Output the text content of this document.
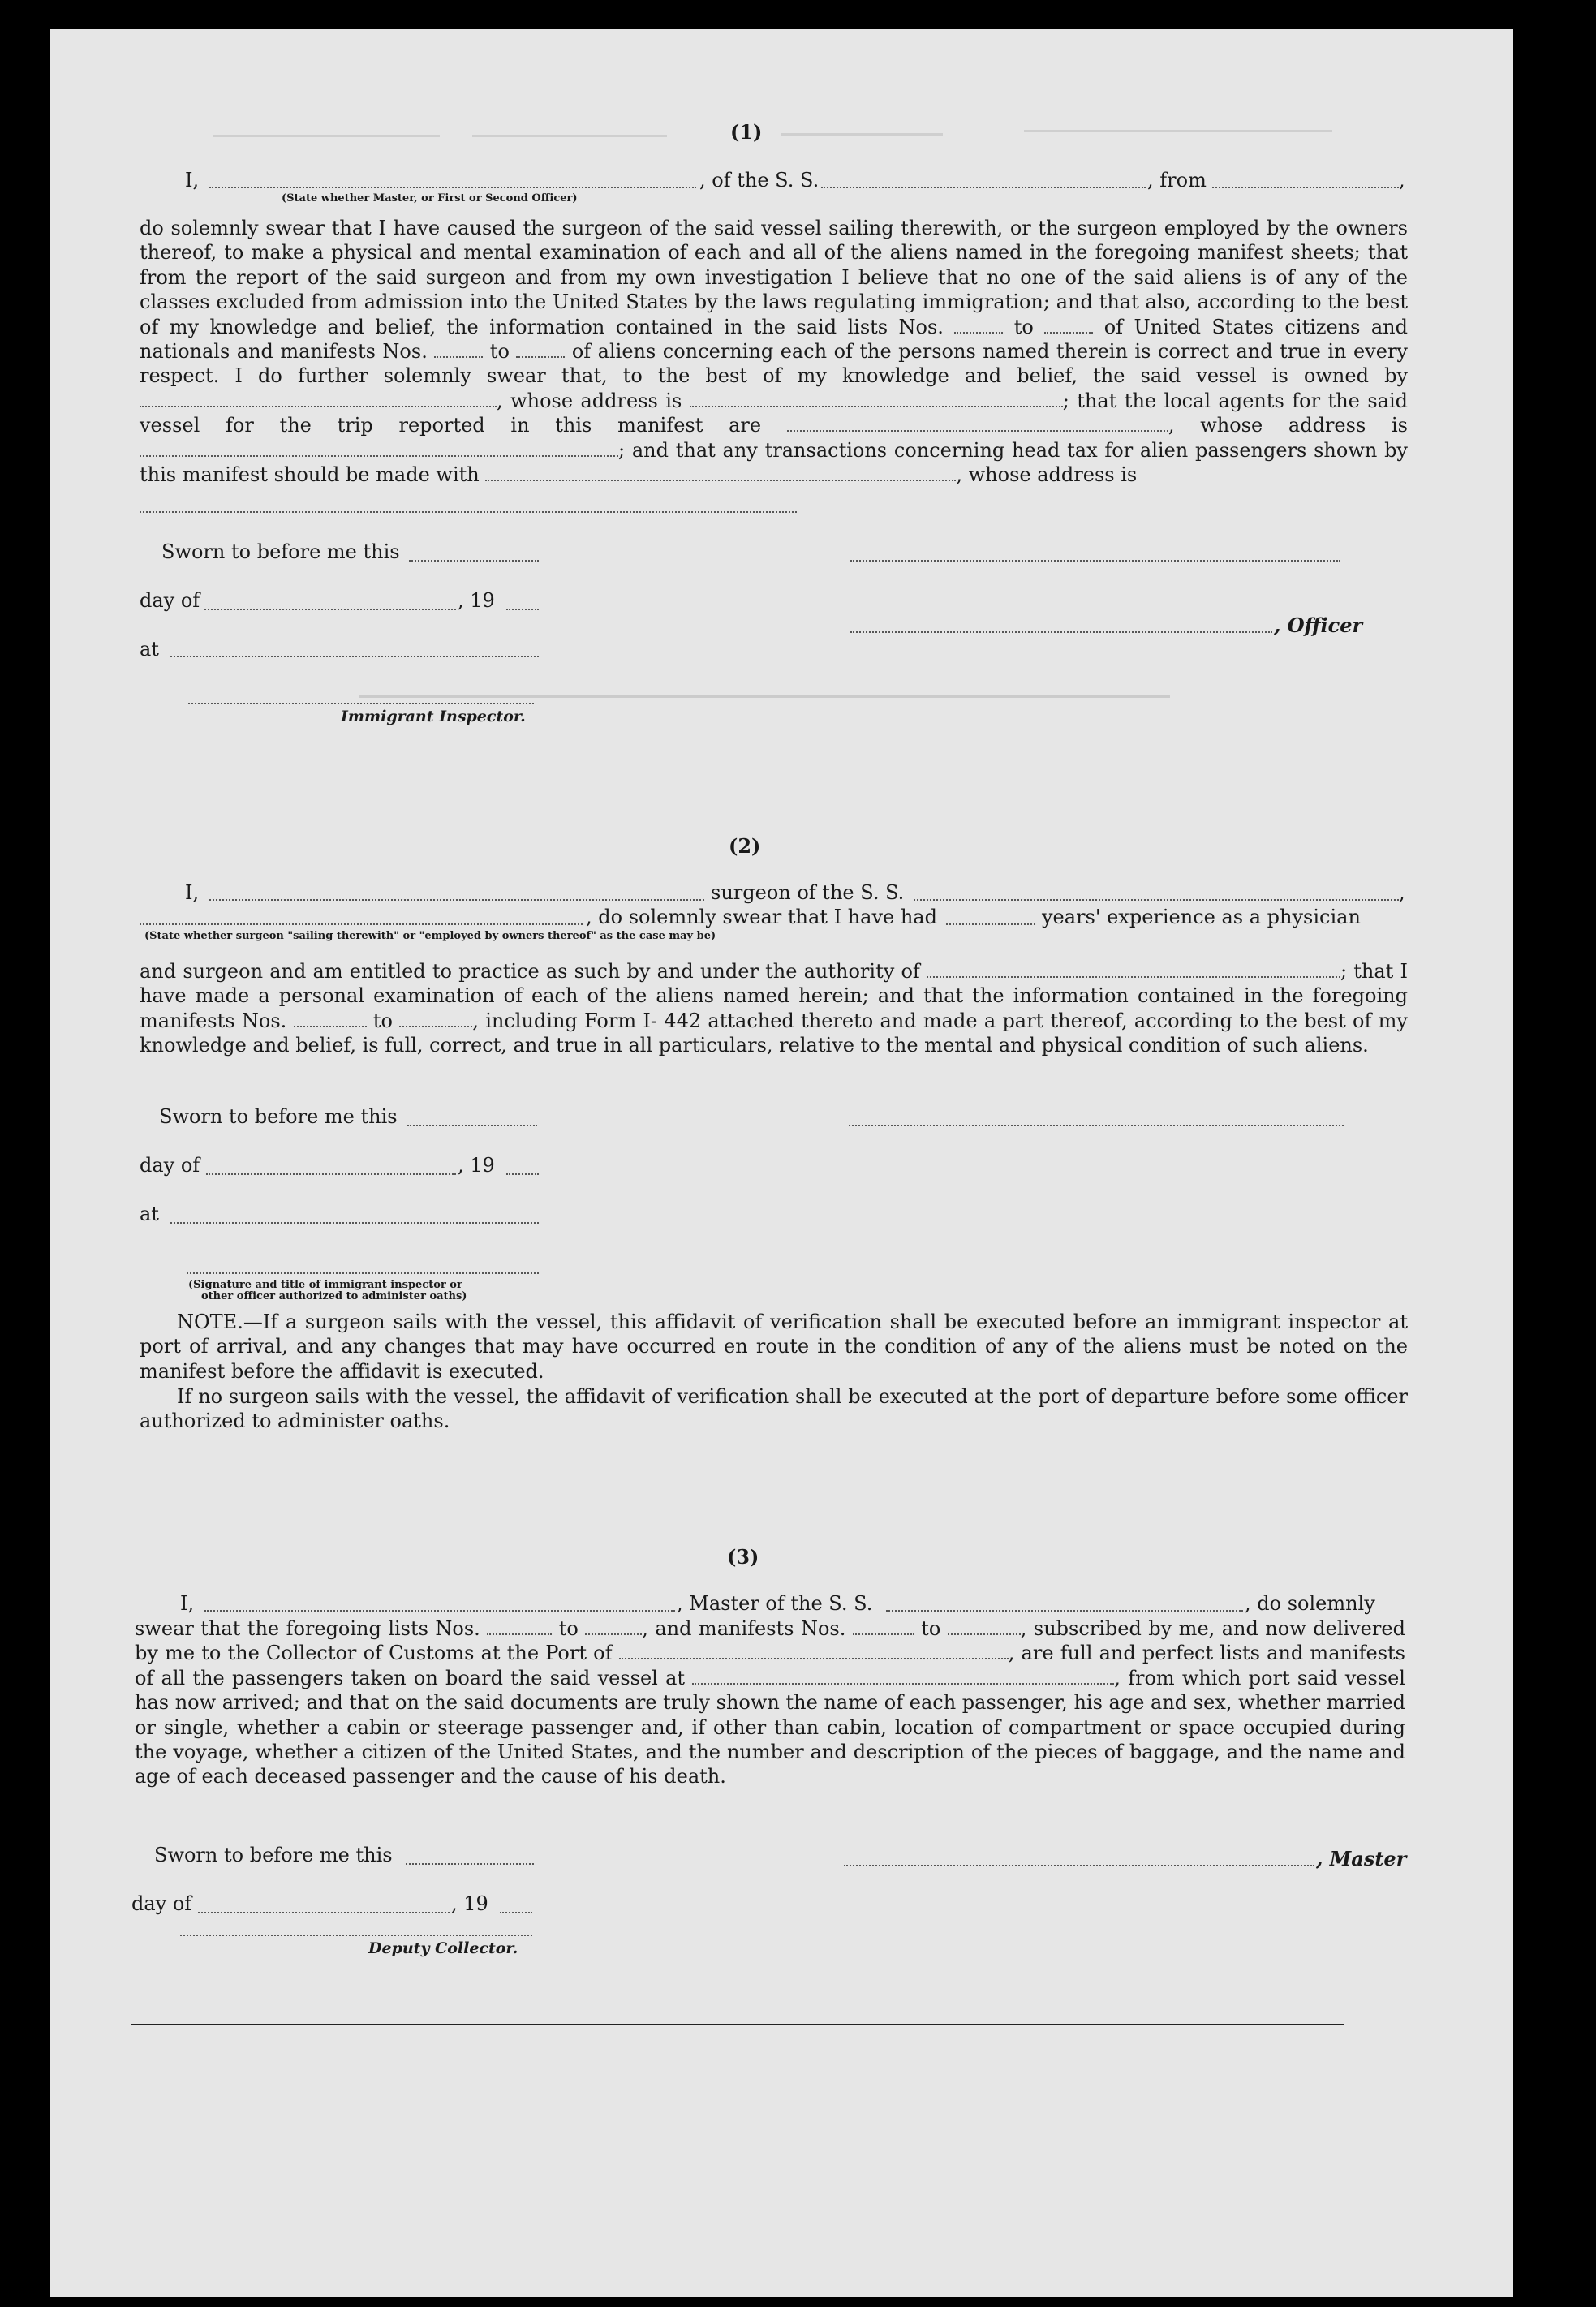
(1)
I,	, of the S. S.	, from	,
(State whether Master, or First or Second Officer)
do solemnly swear that I have caused the surgeon of the said vessel sailing therewith, or the surgeon employed by the owners thereof, to make a physical and mental examination of each and all of the aliens named in the foregoing manifest sheets; that from the report of the said surgeon and from my own investigation I believe that no one of the said aliens is of any of the classes excluded from admission into the United States by the laws regulating immigration; and that also, according to the best of my knowledge and belief, the information contained in the said lists Nos.	to	of United States citizens and nationals and manifests Nos.	to	of aliens concerning each of the persons named therein is correct and true in every respect. I do further solemnly swear that, to the best of my knowledge and belief, the said vessel is owned by , whose address is	; that the local agents for the said vessel for the trip reported in this manifest are	, whose address is ; and that any transactions concerning head tax for alien passengers shown by this manifest should be made with	, whose address is
Sworn to before me this
day of	, 19
, Officer
at
Immigrant Inspector.
(2)
I,	surgeon of the S. S.	,
, do solemnly swear that I have had	years' experience as a physician
(State whether surgeon "sailing therewith" or "employed by owners thereof" as the case may be)
and surgeon and am entitled to practice as such by and under the authority of	; that I have made a personal examination of each of the aliens named herein; and that the information contained in the foregoing manifests Nos.	to	, including Form I- 442 attached thereto and made a part thereof, according to the best of my knowledge and belief, is full, correct, and true in all particulars, relative to the mental and physical condition of such aliens.
Sworn to before me this
day of	, 19
at
(Signature and title of immigrant inspector or
other officer authorized to administer oaths)
NOTE.—If a surgeon sails with the vessel, this affidavit of verification shall be executed before an immigrant inspector at port of arrival, and any changes that may have occurred en route in the condition of any of the aliens must be noted on the manifest before the affidavit is executed.
If no surgeon sails with the vessel, the affidavit of verification shall be executed at the port of departure before some officer authorized to administer oaths.
(3)
I,	, Master of the S. S.	, do solemnly
swear that the foregoing lists Nos.	to	, and manifests Nos.	to	, subscribed by me, and now delivered by me to the Collector of Customs at the Port of	, are full and perfect lists and manifests of all the passengers taken on board the said vessel at	, from which port said vessel has now arrived; and that on the said documents are truly shown the name of each passenger, his age and sex, whether married or single, whether a cabin or steerage passenger and, if other than cabin, location of compartment or space occupied during the voyage, whether a citizen of the United States, and the number and description of the pieces of baggage, and the name and age of each deceased passenger and the cause of his death.
Sworn to before me this	, Master
day of	, 19
Deputy Collector.
